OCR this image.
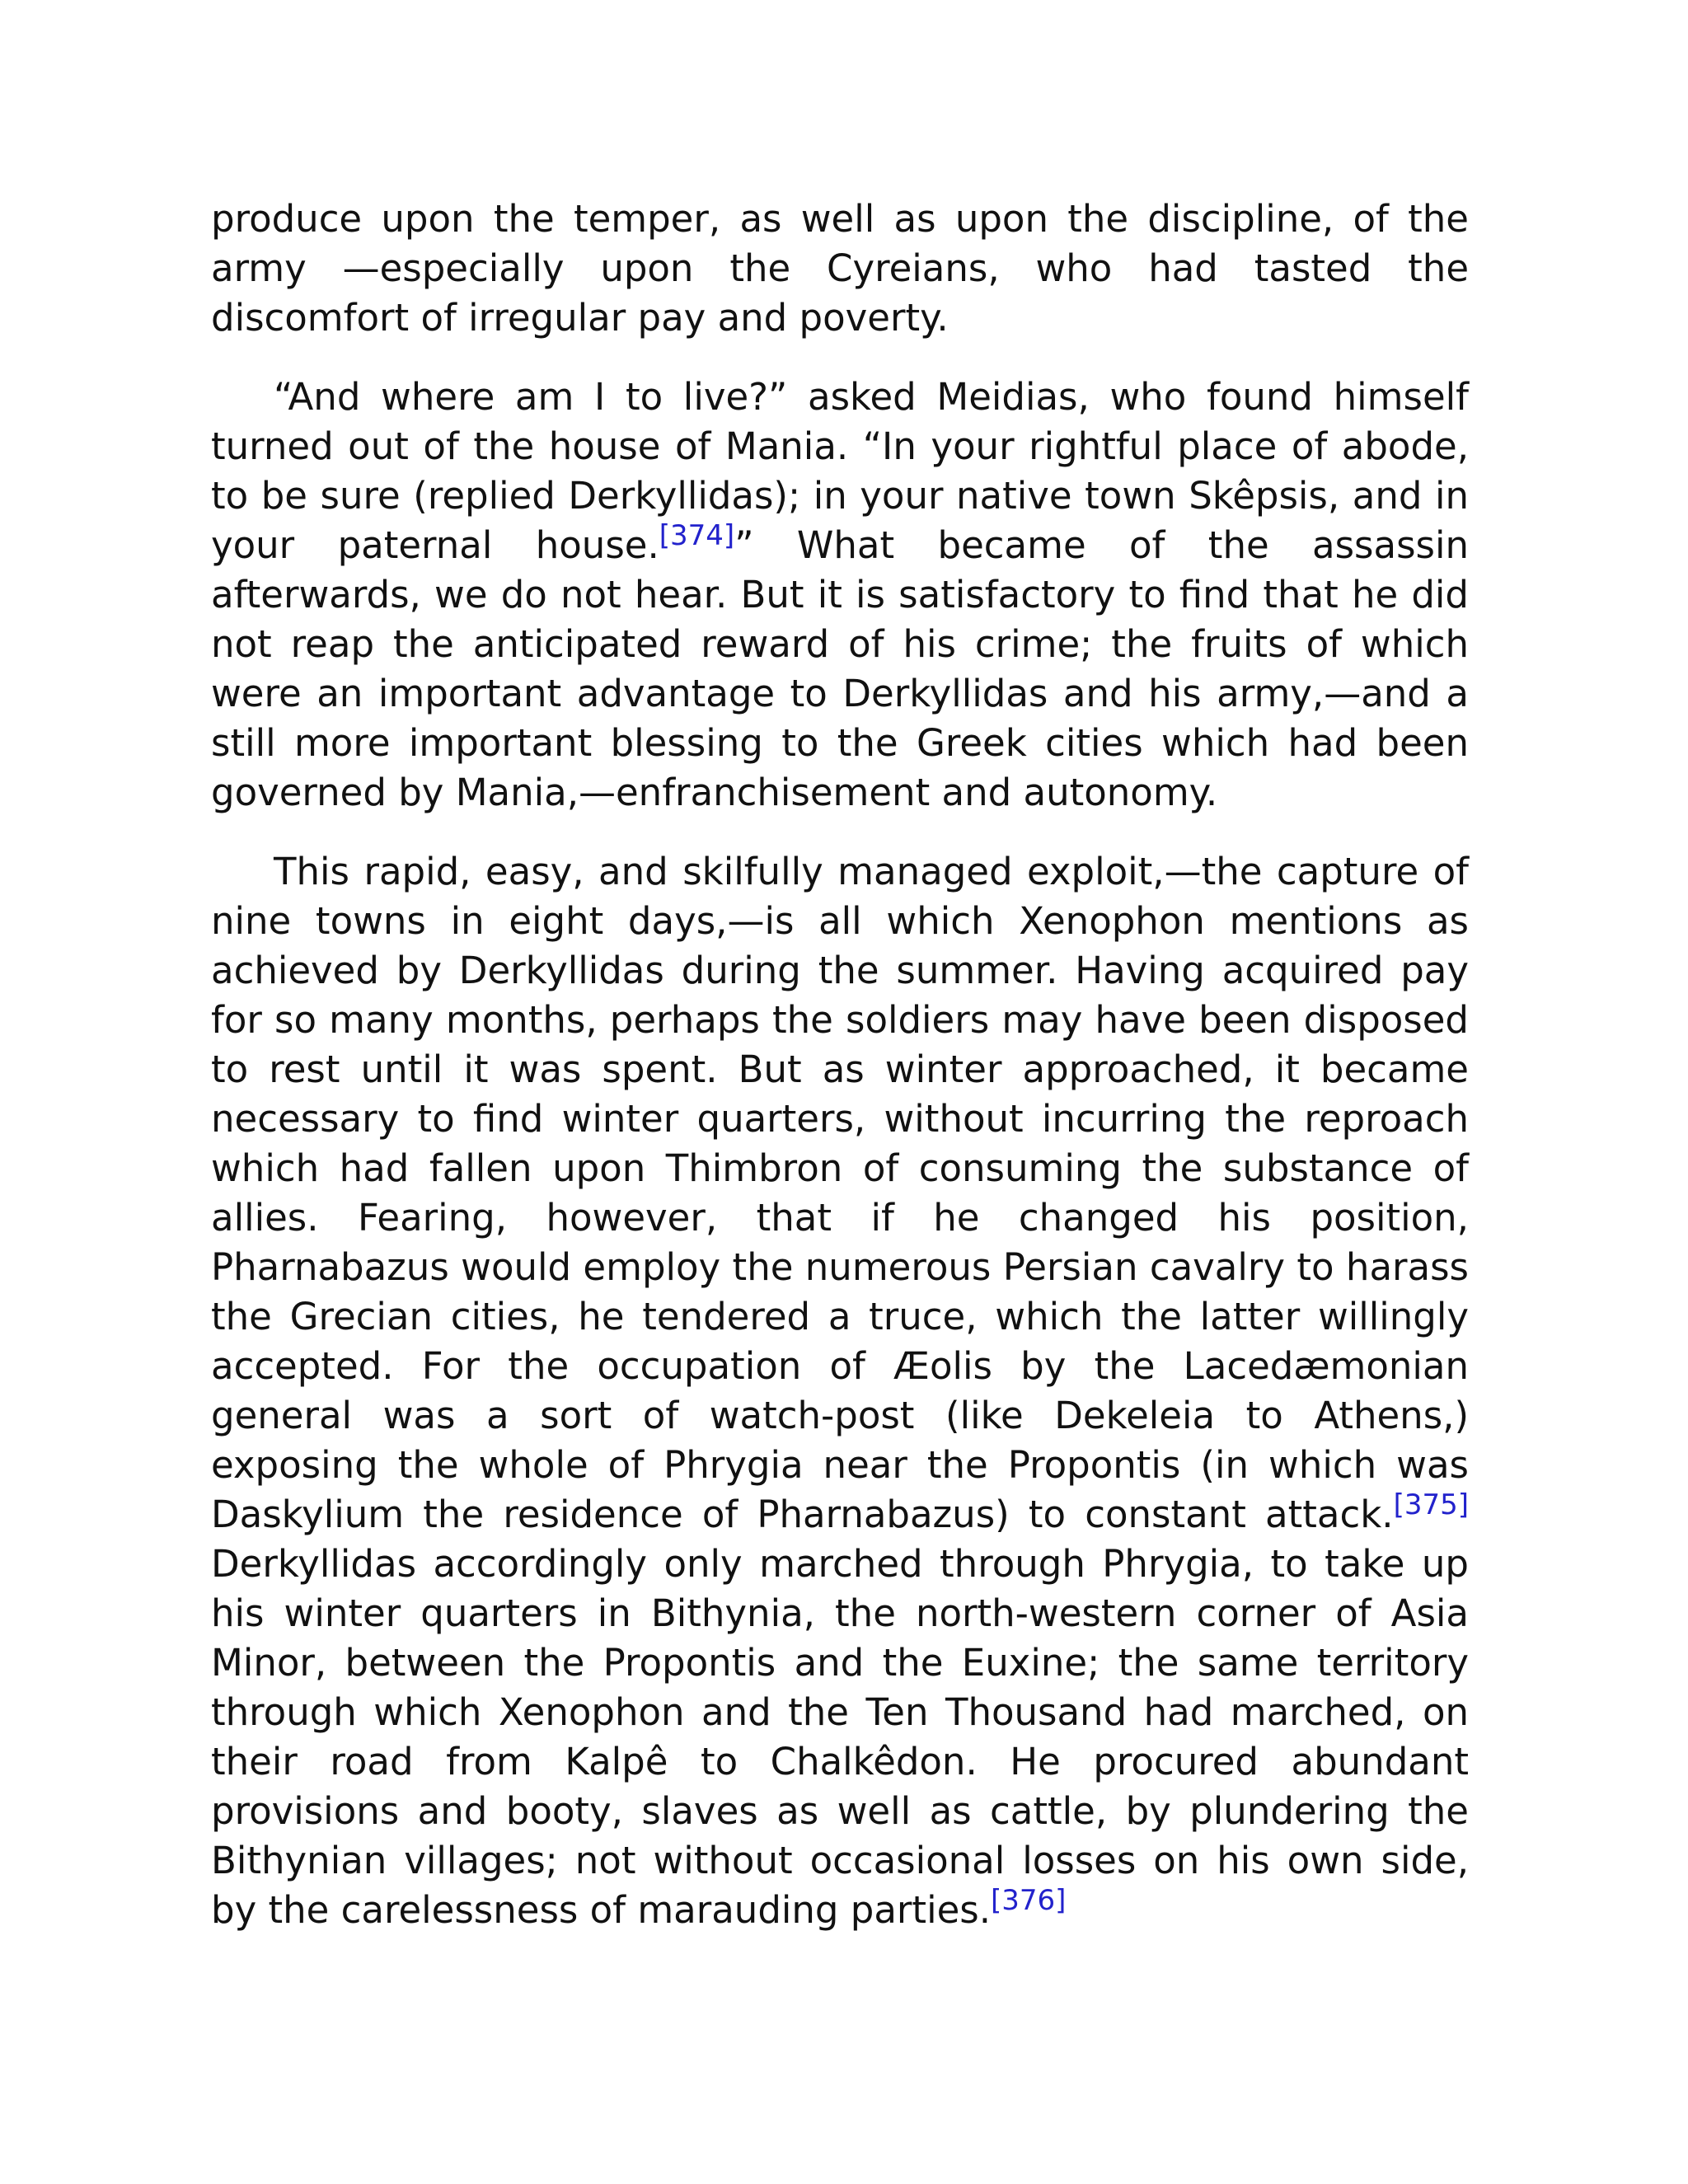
produce upon the temper, as well as upon the discipline, of the army —especially upon the Cyreians, who had tasted the discomfort of irregular pay and poverty.

“And where am I to live?” asked Meidias, who found himself turned out of the house of Mania. “In your rightful place of abode, to be sure (replied Derkyllidas); in your native town Skêpsis, and in your paternal house.[374]” What became of the assassin afterwards, we do not hear. But it is satisfactory to find that he did not reap the anticipated reward of his crime; the fruits of which were an important advantage to Derkyllidas and his army,—and a still more important blessing to the Greek cities which had been governed by Mania,—enfranchisement and autonomy.

This rapid, easy, and skilfully managed exploit,—the capture of nine towns in eight days,—is all which Xenophon mentions as achieved by Derkyllidas during the summer. Having acquired pay for so many months, perhaps the soldiers may have been disposed to rest until it was spent. But as winter approached, it became necessary to find winter quarters, without incurring the reproach which had fallen upon Thimbron of consuming the substance of allies. Fearing, however, that if he changed his position, Pharnabazus would employ the numerous Persian cavalry to harass the Grecian cities, he tendered a truce, which the latter willingly accepted. For the occupation of Æolis by the Lacedæmonian general was a sort of watch-post (like Dekeleia to Athens,) exposing the whole of Phrygia near the Propontis (in which was Daskylium the residence of Pharnabazus) to constant attack.[375] Derkyllidas accordingly only marched through Phrygia, to take up his winter quarters in Bithynia, the north-western corner of Asia Minor, between the Propontis and the Euxine; the same territory through which Xenophon and the Ten Thousand had marched, on their road from Kalpê to Chalkêdon. He procured abundant provisions and booty, slaves as well as cattle, by plundering the Bithynian villages; not without occasional losses on his own side, by the carelessness of marauding parties.[376]
